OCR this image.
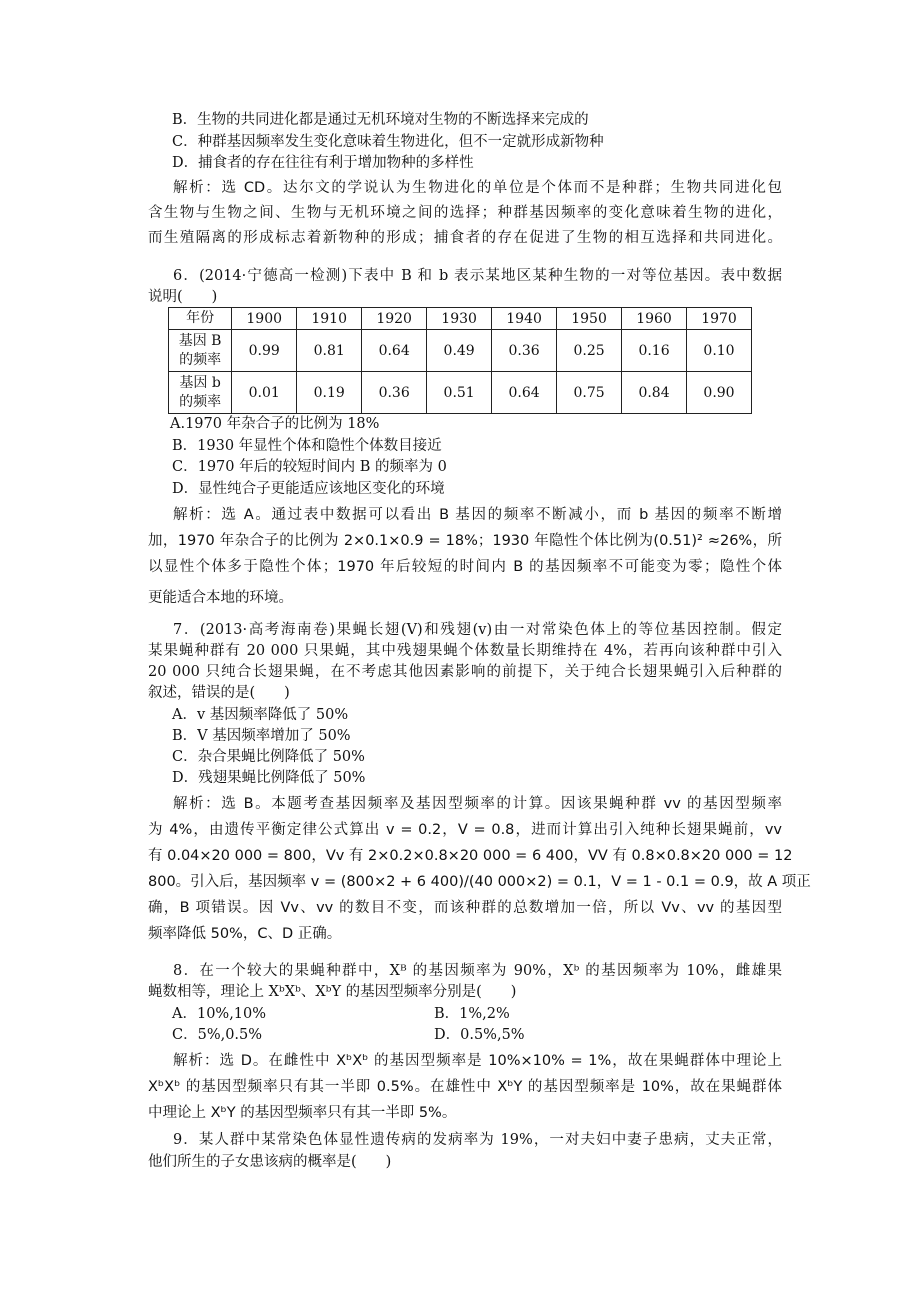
B．生物的共同进化都是通过无机环境对生物的不断选择来完成的
C．种群基因频率发生变化意味着生物进化，但不一定就形成新物种
D．捕食者的存在往往有利于增加物种的多样性
解析：选 CD。达尔文的学说认为生物进化的单位是个体而不是种群；生物共同进化包
含生物与生物之间、生物与无机环境之间的选择；种群基因频率的变化意味着生物的进化，
而生殖隔离的形成标志着新物种的形成；捕食者的存在促进了生物的相互选择和共同进化。
6．(2014·宁德高一检测)下表中 B 和 b 表示某地区某种生物的一对等位基因。表中数据
说明(　　)
年份	1900	1910	1920	1930	1940	1950	1960	1970
基因 B
的频率	0.99	0.81	0.64	0.49	0.36	0.25	0.16	0.10
基因 b
的频率	0.01	0.19	0.36	0.51	0.64	0.75	0.84	0.90
A.1970 年杂合子的比例为 18%
B．1930 年显性个体和隐性个体数目接近
C．1970 年后的较短时间内 B 的频率为 0
D．显性纯合子更能适应该地区变化的环境
解析：选 A。通过表中数据可以看出 B 基因的频率不断减小，而 b 基因的频率不断增
加，1970 年杂合子的比例为 2×0.1×0.9 = 18%；1930 年隐性个体比例为(0.51)² ≈26%，所
以显性个体多于隐性个体；1970 年后较短的时间内 B 的基因频率不可能变为零；隐性个体
更能适合本地的环境。
7．(2013·高考海南卷)果蝇长翅(V)和残翅(v)由一对常染色体上的等位基因控制。假定
某果蝇种群有 20 000 只果蝇，其中残翅果蝇个体数量长期维持在 4%，若再向该种群中引入
20 000 只纯合长翅果蝇，在不考虑其他因素影响的前提下，关于纯合长翅果蝇引入后种群的
叙述，错误的是(　　)
A．v 基因频率降低了 50%
B．V 基因频率增加了 50%
C．杂合果蝇比例降低了 50%
D．残翅果蝇比例降低了 50%
解析：选 B。本题考查基因频率及基因型频率的计算。因该果蝇种群 vv 的基因型频率
为 4%，由遗传平衡定律公式算出 v = 0.2，V = 0.8，进而计算出引入纯种长翅果蝇前，vv
有 0.04×20 000 = 800，Vv 有 2×0.2×0.8×20 000 = 6 400，VV 有 0.8×0.8×20 000 = 12
800。引入后，基因频率 v = (800×2 + 6 400)/(40 000×2) = 0.1，V = 1 - 0.1 = 0.9，故 A 项正
确，B 项错误。因 Vv、vv 的数目不变，而该种群的总数增加一倍，所以 Vv、vv 的基因型
频率降低 50%，C、D 正确。
8．在一个较大的果蝇种群中，Xᴮ 的基因频率为 90%，Xᵇ 的基因频率为 10%，雌雄果
蝇数相等，理论上 XᵇXᵇ、XᵇY 的基因型频率分别是(　　)
A．10%,10%	B．1%,2%
C．5%,0.5%	D．0.5%,5%
解析：选 D。在雌性中 XᵇXᵇ 的基因型频率是 10%×10% = 1%，故在果蝇群体中理论上
XᵇXᵇ 的基因型频率只有其一半即 0.5%。在雄性中 XᵇY 的基因型频率是 10%，故在果蝇群体
中理论上 XᵇY 的基因型频率只有其一半即 5%。
9．某人群中某常染色体显性遗传病的发病率为 19%，一对夫妇中妻子患病，丈夫正常，
他们所生的子女患该病的概率是(　　)
